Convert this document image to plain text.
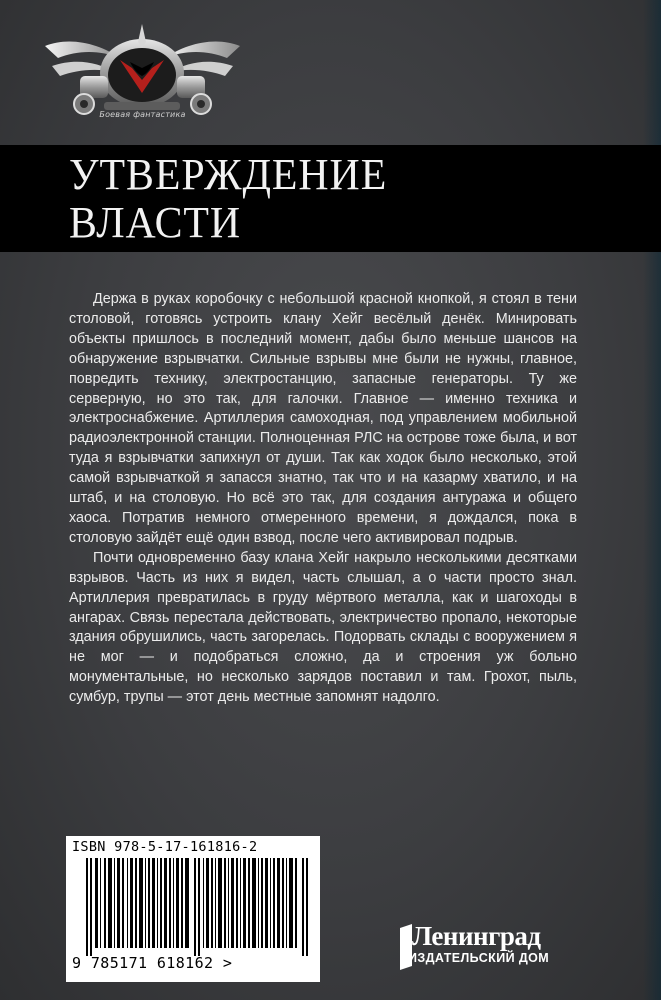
Боевая фантастика
УТВЕРЖДЕНИЕ
ВЛАСТИ

Держа в руках коробочку с небольшой красной кнопкой, я стоял в тени столовой, готовясь устроить клану Хейг весёлый денёк. Минировать объекты пришлось в последний момент, дабы было меньше шансов на обнаружение взрывчатки. Сильные взрывы мне были не нужны, главное, повредить технику, электростанцию, запасные генераторы. Ту же серверную, но это так, для галочки. Главное — именно техника и электроснабжение. Артиллерия самоходная, под управлением мобильной радиоэлектронной станции. Полноценная РЛС на острове тоже была, и вот туда я взрывчатки запихнул от души. Так как ходок было несколько, этой самой взрывчаткой я запасся знатно, так что и на казарму хватило, и на штаб, и на столовую. Но всё это так, для создания антуража и общего хаоса. Потратив немного отмеренного времени, я дождался, пока в столовую зайдёт ещё один взвод, после чего активировал подрыв.

Почти одновременно базу клана Хейг накрыло несколькими десятками взрывов. Часть из них я видел, часть слышал, а о части просто знал. Артиллерия превратилась в груду мёртвого металла, как и шагоходы в ангарах. Связь перестала действовать, электричество пропало, некоторые здания обрушились, часть загорелась. Подорвать склады с вооружением я не мог — и подобраться сложно, да и строения уж больно монументальные, но несколько зарядов поставил и там. Грохот, пыль, сумбур, трупы — этот день местные запомнят надолго.

ISBN 978-5-17-161816-2
9 785171 618162 >
Ленинград
ИЗДАТЕЛЬСКИЙ ДОМ
